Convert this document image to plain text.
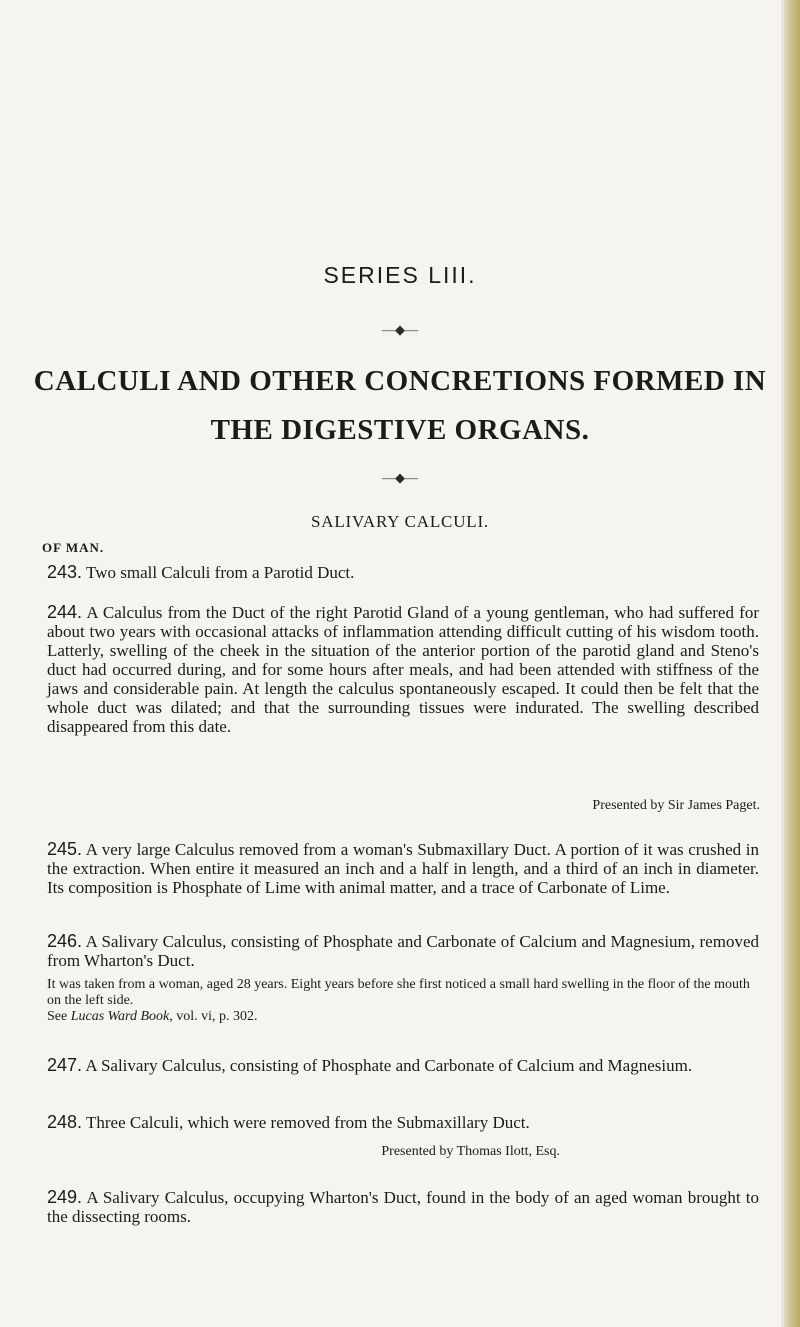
SERIES LIII.
—◆—
CALCULI AND OTHER CONCRETIONS FORMED IN
THE DIGESTIVE ORGANS.
—◆—
SALIVARY CALCULI.
OF MAN.
243. Two small Calculi from a Parotid Duct.
244. A Calculus from the Duct of the right Parotid Gland of a young gentleman, who had suffered for about two years with occasional attacks of inflammation attending difficult cutting of his wisdom tooth. Latterly, swelling of the cheek in the situation of the anterior portion of the parotid gland and Steno's duct had occurred during, and for some hours after meals, and had been attended with stiffness of the jaws and considerable pain. At length the calculus spontaneously escaped. It could then be felt that the whole duct was dilated; and that the surrounding tissues were indurated. The swelling described disappeared from this date.
Presented by Sir James Paget.
245. A very large Calculus removed from a woman's Submaxillary Duct. A portion of it was crushed in the extraction. When entire it measured an inch and a half in length, and a third of an inch in diameter. Its composition is Phosphate of Lime with animal matter, and a trace of Carbonate of Lime.
246. A Salivary Calculus, consisting of Phosphate and Carbonate of Calcium and Magnesium, removed from Wharton's Duct.
It was taken from a woman, aged 28 years. Eight years before she first noticed a small hard swelling in the floor of the mouth on the left side.
See Lucas Ward Book, vol. vi, p. 302.
247. A Salivary Calculus, consisting of Phosphate and Carbonate of Calcium and Magnesium.
248. Three Calculi, which were removed from the Submaxillary Duct.
Presented by Thomas Ilott, Esq.
249. A Salivary Calculus, occupying Wharton's Duct, found in the body of an aged woman brought to the dissecting rooms.
